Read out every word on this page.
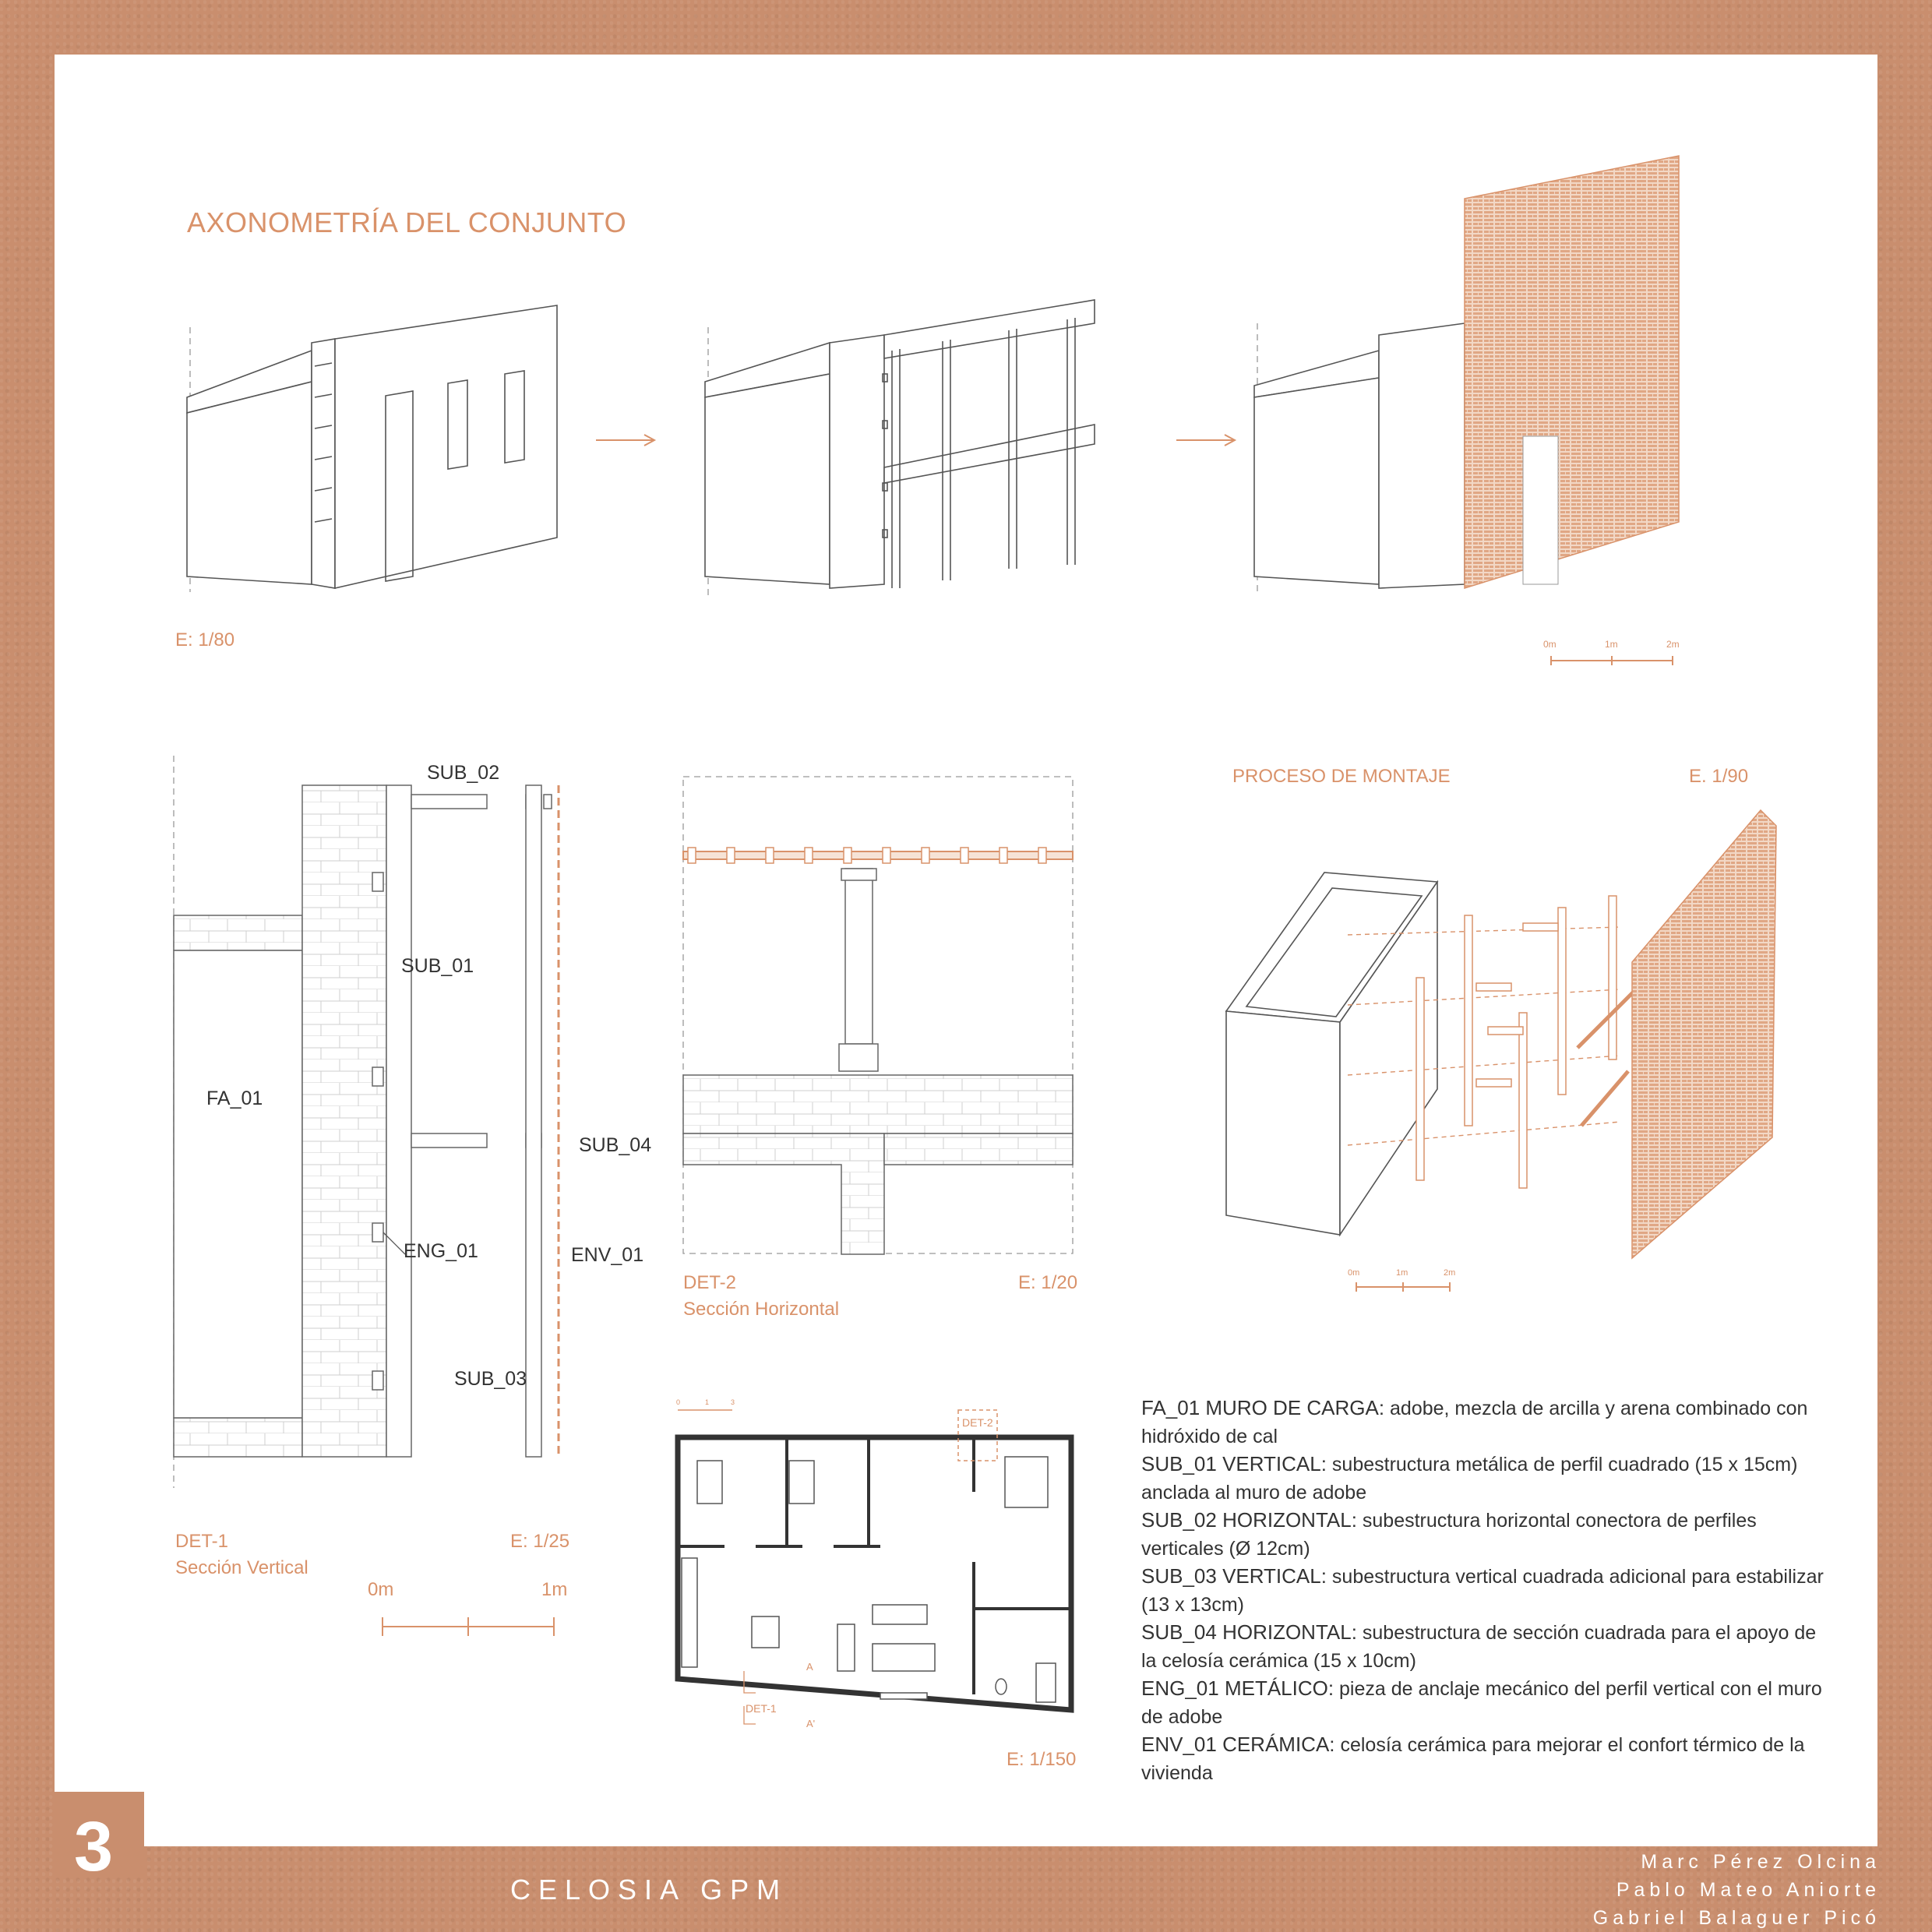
AXONOMETRÍA DEL CONJUNTO
E: 1/80	0m	1m	2m
SUB_02
SUB_01
FA_01
SUB_04
ENG_01	ENV_01
SUB_03
DET-1
Sección Vertical
E: 1/25
0m	1m
DET-2
Sección Horizontal
E: 1/20
PROCESO DE MONTAJE	E. 1/90
0m	1m	2m
DET-2
DET-1
A
A'
0	1	3
E: 1/150

FA_01 MURO DE CARGA: adobe, mezcla de arcilla y arena combinado con hidróxido de cal

SUB_01 VERTICAL: subestructura metálica de perfil cuadrado (15 x 15cm) anclada al muro de adobe

SUB_02 HORIZONTAL: subestructura horizontal conectora de perfiles verticales (Ø 12cm)

SUB_03 VERTICAL: subestructura vertical cuadrada adicional para estabilizar (13 x 13cm)

SUB_04 HORIZONTAL: subestructura de sección cuadrada para el apoyo de la celosía cerámica (15 x 10cm)

ENG_01 METÁLICO: pieza de anclaje mecánico del perfil vertical con el muro de adobe

ENV_01 CERÁMICA: celosía cerámica para mejorar el confort térmico de la vivienda

3
CELOSIA GPM
Marc Pérez Olcina
Pablo Mateo Aniorte
Gabriel Balaguer Picó
